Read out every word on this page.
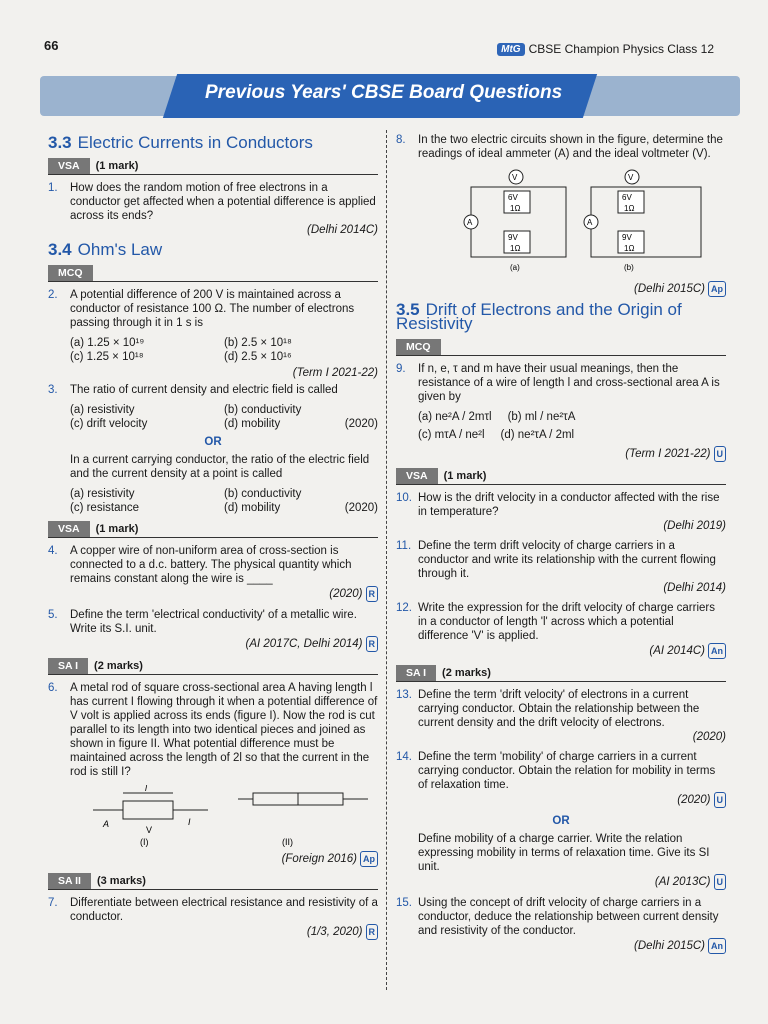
66	MtG CBSE Champion Physics Class 12
Previous Years' CBSE Board Questions
3.3 Electric Currents in Conductors
VSA	(1 mark)
1.	How does the random motion of free electrons in a conductor get affected when a potential difference is applied across its ends?
(Delhi 2014C)
3.4 Ohm's Law
MCQ
2.	A potential difference of 200 V is maintained across a conductor of resistance 100 Ω. The number of electrons passing through it in 1 s is
(a) 1.25 × 10¹⁹	(b) 2.5 × 10¹⁸
(c) 1.25 × 10¹⁸	(d) 2.5 × 10¹⁶
(Term I 2021-22)
3.	The ratio of current density and electric field is called
(a) resistivity	(b) conductivity
(c) drift velocity	(d) mobility	(2020)
OR
In a current carrying conductor, the ratio of the electric field and the current density at a point is called
(a) resistivity	(b) conductivity
(c) resistance	(d) mobility	(2020)
VSA	(1 mark)
4.	A copper wire of non-uniform area of cross-section is connected to a d.c. battery. The physical quantity which remains constant along the wire is ____
(2020) R
5.	Define the term 'electrical conductivity' of a metallic wire. Write its S.I. unit.
(AI 2017C, Delhi 2014) R
SA I	(2 marks)
6.	A metal rod of square cross-sectional area A having length l has current I flowing through it when a potential difference of V volt is applied across its ends (figure I). Now the rod is cut parallel to its length into two identical pieces and joined as shown in figure II. What potential difference must be maintained across the length of 2l so that the current in the rod is still I?
l
A
V
I
(I)	(II)
(Foreign 2016) Ap
SA II	(3 marks)
7.	Differentiate between electrical resistance and resistivity of a conductor.
(1/3, 2020) R
8.	In the two electric circuits shown in the figure, determine the readings of ideal ammeter (A) and the ideal voltmeter (V).
V
A
6V
1Ω
9V
1Ω
(a)
V
A
6V
1Ω
9V
1Ω
(b)
(Delhi 2015C) Ap
3.5 Drift of Electrons and the Origin of Resistivity
MCQ
9.	If n, e, τ and m have their usual meanings, then the resistance of a wire of length l and cross-sectional area A is given by
(a) ne²A / 2mτl (b) ml / ne²τA
(c) mτA / ne²l (d) ne²τA / 2ml
(Term I 2021-22) U
VSA	(1 mark)
10. How is the drift velocity in a conductor affected with the rise in temperature?
(Delhi 2019)
11. Define the term drift velocity of charge carriers in a conductor and write its relationship with the current flowing through it.
(Delhi 2014)
12. Write the expression for the drift velocity of charge carriers in a conductor of length 'l' across which a potential difference 'V' is applied.
(AI 2014C) An
SA I	(2 marks)
13. Define the term 'drift velocity' of electrons in a current carrying conductor. Obtain the relationship between the current density and the drift velocity of electrons.
(2020)
14. Define the term 'mobility' of charge carriers in a current carrying conductor. Obtain the relation for mobility in terms of relaxation time.
(2020) U
OR
Define mobility of a charge carrier. Write the relation expressing mobility in terms of relaxation time. Give its SI unit.
(AI 2013C) U
15. Using the concept of drift velocity of charge carriers in a conductor, deduce the relationship between current density and resistivity of the conductor.
(Delhi 2015C) An
